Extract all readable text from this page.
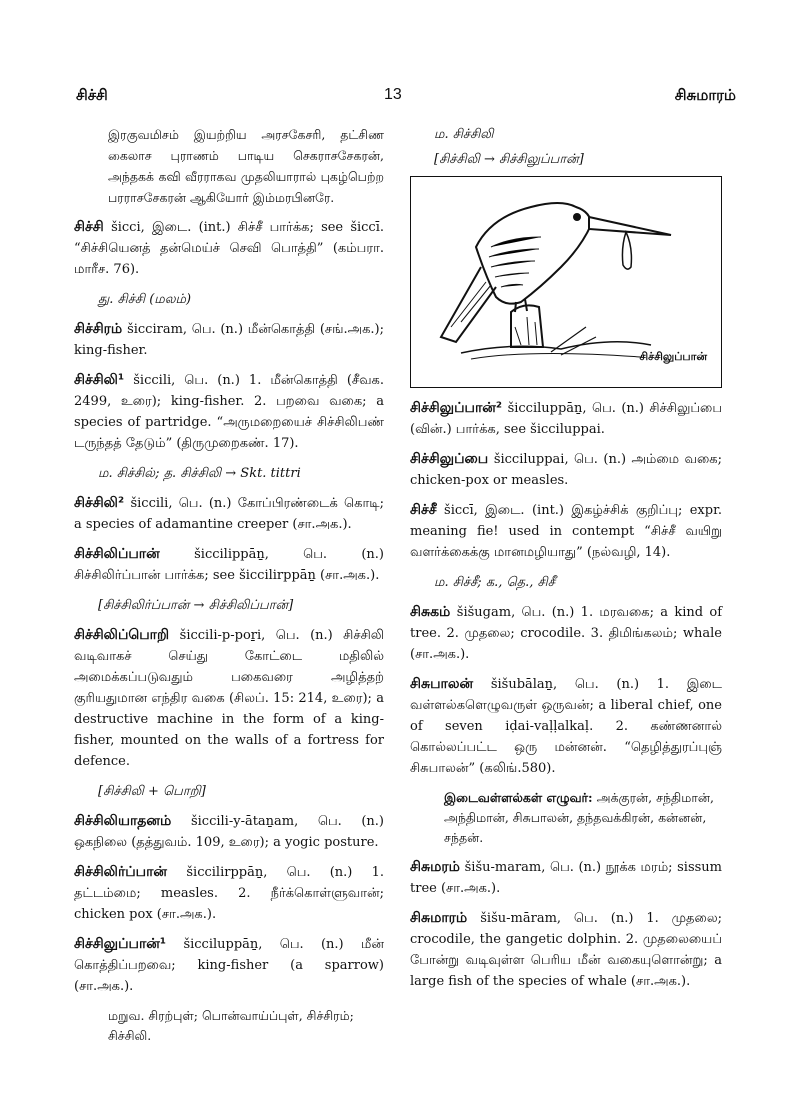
சிச்சி	13	சிசுமாரம்

இரகுவமிசம் இயற்றிய அரசகேசரி, தட்சிண கைலாச புராணம் பாடிய செகராசசேகரன், அந்தகக் கவி வீரராகவ முதலியாரால் புகழ்பெற்ற பரராசசேகரன் ஆகியோர் இம்மரபினரே.

சிச்சி šicci, இடை. (int.) சிச்சீ பார்க்க; see šiccī. “சிச்சியெனத் தன்மெய்ச் செவி பொத்தி” (கம்பரா. மாரீச. 76).

து. சிச்சி (மலம்)

சிச்சிரம் šicciram, பெ. (n.) மீன்கொத்தி (சங்.அக.); king-fisher.

சிச்சிலி¹ šiccili, பெ. (n.) 1. மீன்கொத்தி (சீவக. 2499, உரை); king-fisher. 2. பறவை வகை; a species of partridge. “அருமறையைச் சிச்சிலிபண் டருந்தத் தேடும்” (திருமுறைகண். 17).

ம. சிச்சில்; த. சிச்சிலி → Skt. tittri

சிச்சிலி² šiccili, பெ. (n.) கோப்பிரண்டைக் கொடி; a species of adamantine creeper (சா.அக.).

சிச்சிலிப்பான்	šiccilippāṉ, பெ. (n.) சிச்சிலிர்ப்பான் பார்க்க; see šiccilirppāṉ (சா.அக.).

[சிச்சிலிர்ப்பான் → சிச்சிலிப்பான்]

சிச்சிலிப்பொறி šiccili-p-poṟi, பெ. (n.) சிச்சிலி வடிவாகச் செய்து கோட்டை மதிலில் அமைக்கப்படுவதும் பகைவரை அழித்தற் குரியதுமான எந்திர வகை (சிலப். 15: 214, உரை); a destructive machine in the form of a king-fisher, mounted on the walls of a fortress for defence.

[சிச்சிலி + பொறி]

சிச்சிலியாதனம் šiccili-y-ātaṉam, பெ. (n.) ஒகநிலை (தத்துவம். 109, உரை); a yogic posture.

சிச்சிலிர்ப்பான் šiccilirppāṉ, பெ. (n.) 1. தட்டம்மை; measles. 2. நீர்க்கொள்ளுவான்; chicken pox (சா.அக.).

சிச்சிலுப்பான்¹ šicciluppāṉ, பெ. (n.) மீன் கொத்திப்பறவை; king-fisher (a sparrow) (சா.அக.).

மறுவ. சிரற்புள்; பொன்வாய்ப்புள், சிச்சிரம்; சிச்சிலி.

ம. சிச்சிலி

[சிச்சிலி → சிச்சிலுப்பான்]

சிச்சிலுப்பான்

சிச்சிலுப்பான்² šicciluppāṉ, பெ. (n.) சிச்சிலுப்பை (வின்.) பார்க்க, see šicciluppai.

சிச்சிலுப்பை šicciluppai, பெ. (n.) அம்மை வகை; chicken-pox or measles.

சிச்சீ šiccī, இடை. (int.) இகழ்ச்சிக் குறிப்பு; expr. meaning fie! used in contempt “சிச்சீ வயிறு வளர்க்கைக்கு மானமழியாது” (நல்வழி, 14).

ம. சிச்சீ; க., தெ., சிசீ

சிசுகம் šišugam, பெ. (n.) 1. மரவகை; a kind of tree. 2. முதலை; crocodile. 3. திமிங்கலம்; whale (சா.அக.).

சிசுபாலன் šišubālaṉ, பெ. (n.) 1. இடை வள்ளல்களெழுவருள் ஒருவன்; a liberal chief, one of seven iḍai-vaḷḷalkaḷ. 2. கண்ணனால் கொல்லப்பட்ட ஒரு மன்னன். “தெழித்துரப்புஞ் சிசுபாலன்” (கலிங்.580).

இடைவள்ளல்கள் எழுவர்: அக்குரன், சந்திமான், அந்திமான், சிசுபாலன், தந்தவக்கிரன், கன்னன், சந்தன்.

சிசுமரம் šišu-maram, பெ. (n.) நூக்க மரம்; sissum tree (சா.அக.).

சிசுமாரம் šišu-māram, பெ. (n.) 1. முதலை; crocodile, the gangetic dolphin. 2. முதலையைப் போன்று வடிவுள்ள பெரிய மீன் வகையுளொன்று; a large fish of the species of whale (சா.அக.).
